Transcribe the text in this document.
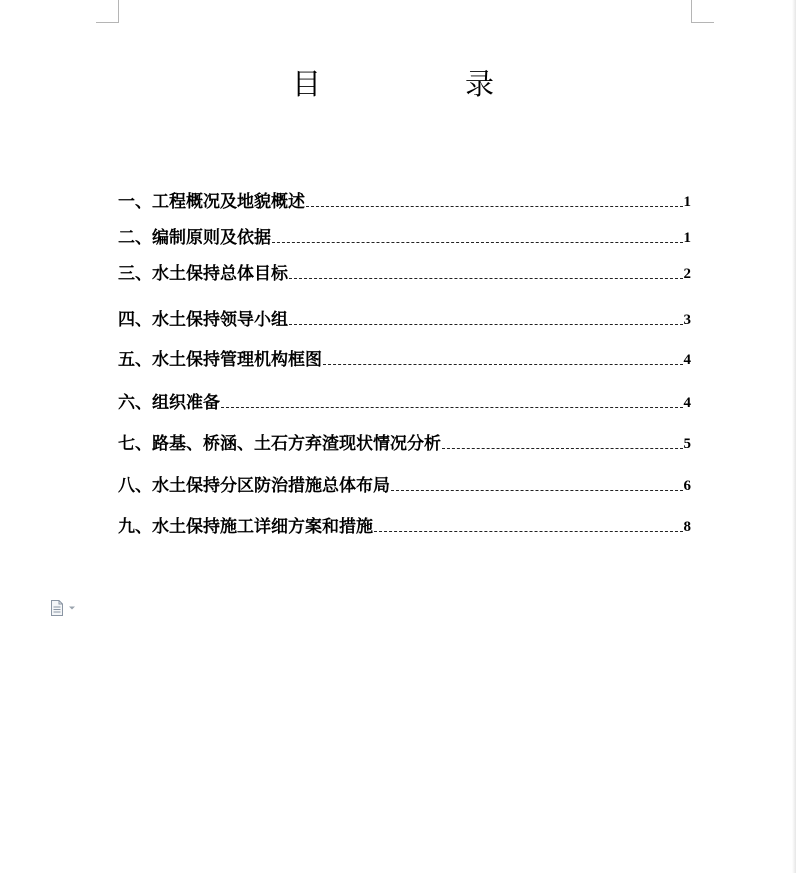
目	录
一、工程概况及地貌概述	1
二、编制原则及依据	1
三、水土保持总体目标	2
四、水土保持领导小组	3
五、水土保持管理机构框图	4
六、组织准备	4
七、路基、桥涵、土石方弃渣现状情况分析	5
八、水土保持分区防治措施总体布局	6
九、水土保持施工详细方案和措施	8
